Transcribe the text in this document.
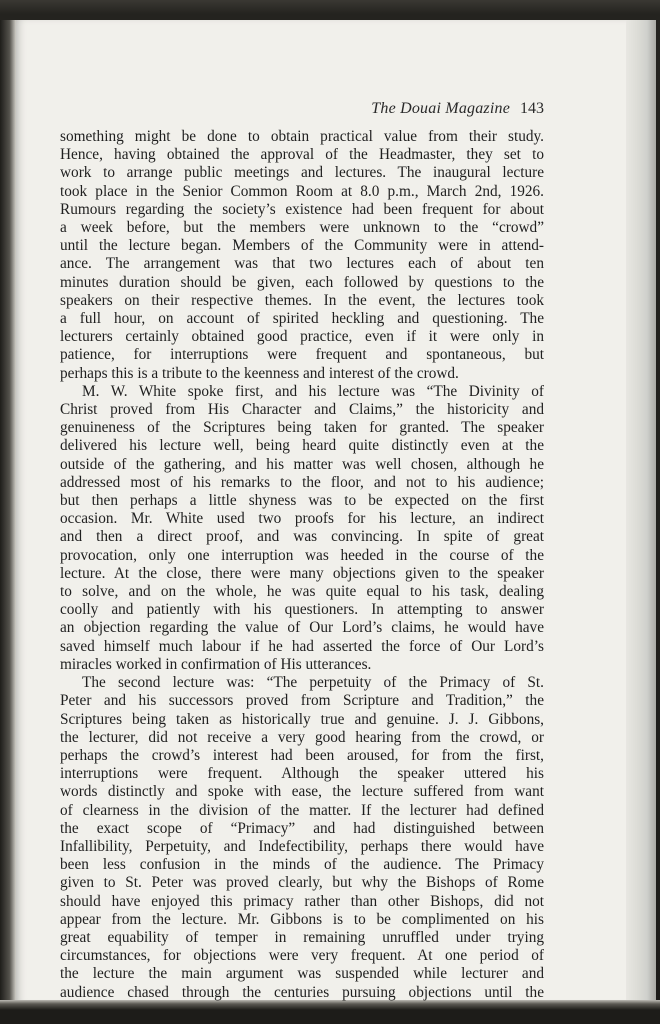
The Douai Magazine 143
something might be done to obtain practical value from their study.
Hence, having obtained the approval of the Headmaster, they set to
work to arrange public meetings and lectures. The inaugural lecture
took place in the Senior Common Room at 8.0 p.m., March 2nd, 1926.
Rumours regarding the society’s existence had been frequent for about
a week before, but the members were unknown to the “crowd”
until the lecture began. Members of the Community were in attend-
ance. The arrangement was that two lectures each of about ten
minutes duration should be given, each followed by questions to the
speakers on their respective themes. In the event, the lectures took
a full hour, on account of spirited heckling and questioning. The
lecturers certainly obtained good practice, even if it were only in
patience, for interruptions were frequent and spontaneous, but
perhaps this is a tribute to the keenness and interest of the crowd.
M. W. White spoke first, and his lecture was “The Divinity of
Christ proved from His Character and Claims,” the historicity and
genuineness of the Scriptures being taken for granted. The speaker
delivered his lecture well, being heard quite distinctly even at the
outside of the gathering, and his matter was well chosen, although he
addressed most of his remarks to the floor, and not to his audience;
but then perhaps a little shyness was to be expected on the first
occasion. Mr. White used two proofs for his lecture, an indirect
and then a direct proof, and was convincing. In spite of great
provocation, only one interruption was heeded in the course of the
lecture. At the close, there were many objections given to the speaker
to solve, and on the whole, he was quite equal to his task, dealing
coolly and patiently with his questioners. In attempting to answer
an objection regarding the value of Our Lord’s claims, he would have
saved himself much labour if he had asserted the force of Our Lord’s
miracles worked in confirmation of His utterances.
The second lecture was: “The perpetuity of the Primacy of St.
Peter and his successors proved from Scripture and Tradition,” the
Scriptures being taken as historically true and genuine. J. J. Gibbons,
the lecturer, did not receive a very good hearing from the crowd, or
perhaps the crowd’s interest had been aroused, for from the first,
interruptions were frequent. Although the speaker uttered his
words distinctly and spoke with ease, the lecture suffered from want
of clearness in the division of the matter. If the lecturer had defined
the exact scope of “Primacy” and had distinguished between
Infallibility, Perpetuity, and Indefectibility, perhaps there would have
been less confusion in the minds of the audience. The Primacy
given to St. Peter was proved clearly, but why the Bishops of Rome
should have enjoyed this primacy rather than other Bishops, did not
appear from the lecture. Mr. Gibbons is to be complimented on his
great equability of temper in remaining unruffled under trying
circumstances, for objections were very frequent. At one period of
the lecture the main argument was suspended while lecturer and
audience chased through the centuries pursuing objections until the
